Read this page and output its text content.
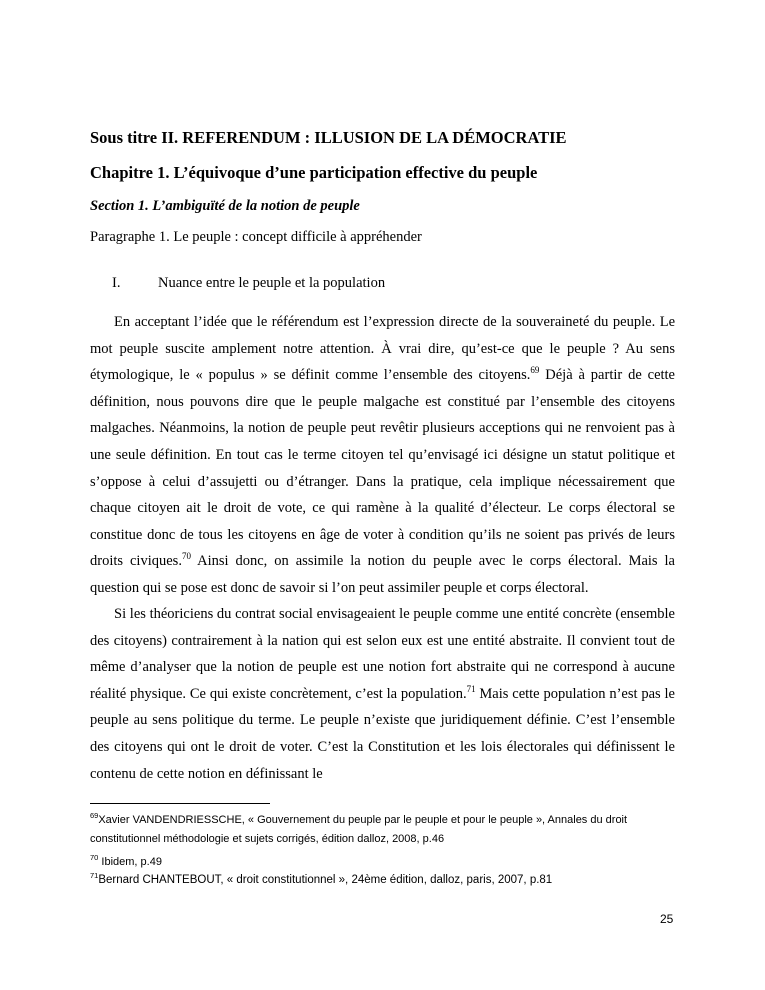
Sous titre II. REFERENDUM : ILLUSION DE LA DÉMOCRATIE
Chapitre 1. L’équivoque d’une participation effective du peuple
Section 1. L’ambiguïté de la notion de peuple
Paragraphe 1. Le peuple : concept difficile à appréhender
I.	Nuance entre le peuple et la population

En acceptant l’idée que le référendum est l’expression directe de la souveraineté du peuple. Le mot peuple suscite amplement notre attention. À vrai dire, qu’est-ce que le peuple ? Au sens étymologique, le « populus » se définit comme l’ensemble des citoyens.$^{69}$ Déjà à partir de cette définition, nous pouvons dire que le peuple malgache est constitué par l’ensemble des citoyens malgaches. Néanmoins, la notion de peuple peut revêtir plusieurs acceptions qui ne renvoient pas à une seule définition. En tout cas le terme citoyen tel qu’envisagé ici désigne un statut politique et s’oppose à celui d’assujetti ou d’étranger. Dans la pratique, cela implique nécessairement que chaque citoyen ait le droit de vote, ce qui ramène à la qualité d’électeur. Le corps électoral se constitue donc de tous les citoyens en âge de voter à condition qu’ils ne soient pas privés de leurs droits civiques.$^{70}$ Ainsi donc, on assimile la notion du peuple avec le corps électoral. Mais la question qui se pose est donc de savoir si l’on peut assimiler peuple et corps électoral.

Si les théoriciens du contrat social envisageaient le peuple comme une entité concrète (ensemble des citoyens) contrairement à la nation qui est selon eux est une entité abstraite. Il convient tout de même d’analyser que la notion de peuple est une notion fort abstraite qui ne correspond à aucune réalité physique. Ce qui existe concrètement, c’est la population.$^{71}$ Mais cette population n’est pas le peuple au sens politique du terme. Le peuple n’existe que juridiquement définie. C’est l’ensemble des citoyens qui ont le droit de voter. C’est la Constitution et les lois électorales qui définissent le contenu de cette notion en définissant le

$^{69}$Xavier VANDENDRIESSCHE, « Gouvernement du peuple par le peuple et pour le peuple », Annales du droit constitutionnel méthodologie et sujets corrigés, édition dalloz, 2008, p.46

$^{70}$ Ibidem, p.49

$^{71}$Bernard CHANTEBOUT, « droit constitutionnel », 24ème édition, dalloz, paris, 2007, p.81

25
